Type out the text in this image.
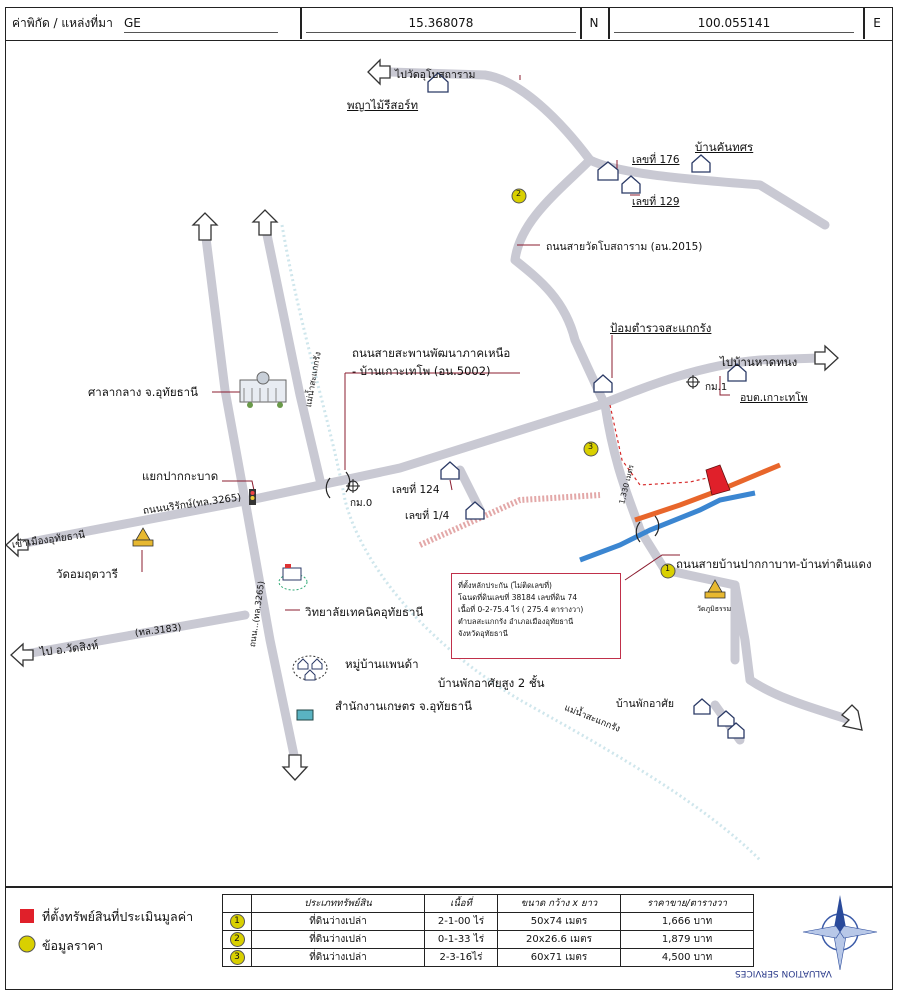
ค่าพิกัด / แหล่งที่มา GE	15.368078	N	100.055141	E
ไปวัดอุโบสถาราม
พญาไม้รีสอร์ท
เลขที่ 176
เลขที่ 129
บ้านคันทศร
ถนนสายวัดโบสถาราม (อน.2015)
ป้อมตำรวจสะแกกรัง
ไปบ้านหาดทนง
กม.1
อบต.เกาะเทโพ
ถนนสายสะพานพัฒนาภาคเหนือ
- บ้านเกาะเทโพ (อน.5002)
ศาลากลาง จ.อุทัยธานี
แยกปากกะบาด
กม.0
เลขที่ 124
เลขที่ 1/4
เข้าเมืองอุทัยธานี
ถนนนริรักษ์(ทล.3265)
วัดอมฤตวารี
ถนนสายบ้านปากกาบาท-บ้านท่าดินแดง
วัดภูมิธรรม
วิทยาลัยเทคนิคอุทัยธานี
ไป อ.วัดสิงห์
(ทล.3183)
หมู่บ้านแพนด้า
บ้านพักอาศัยสูง 2 ชั้น
สำนักงานเกษตร จ.อุทัยธานี	บ้านพักอาศัย
แม่น้ำสะแกกรัง
แม่น้ำสะแกกรัง
ถนน...(ทล.3265)
1,330 เมตร
2
3
1
ที่ตั้งหลักประกัน (ไม่ติดเลขที่)
โฉนดที่ดินเลขที่ 38184 เลขที่ดิน 74
เนื้อที่ 0-2-75.4 ไร่ ( 275.4 ตารางวา)
ตำบลสะแกกรัง อำเภอเมืองอุทัยธานี
จังหวัดอุทัยธานี
ที่ตั้งทรัพย์สินที่ประเมินมูลค่า
ข้อมูลราคา
	ประเภททรัพย์สิน	เนื้อที่	ขนาด กว้าง x ยาว	ราคาขาย/ตารางวา
1	ที่ดินว่างเปล่า	2-1-00 ไร่	50x74 เมตร	1,666 บาท
2	ที่ดินว่างเปล่า	0-1-33 ไร่	20x26.6 เมตร	1,879 บาท
3	ที่ดินว่างเปล่า	2-3-16ไร่	60x71 เมตร	4,500 บาท
VALUATION SERVICES
